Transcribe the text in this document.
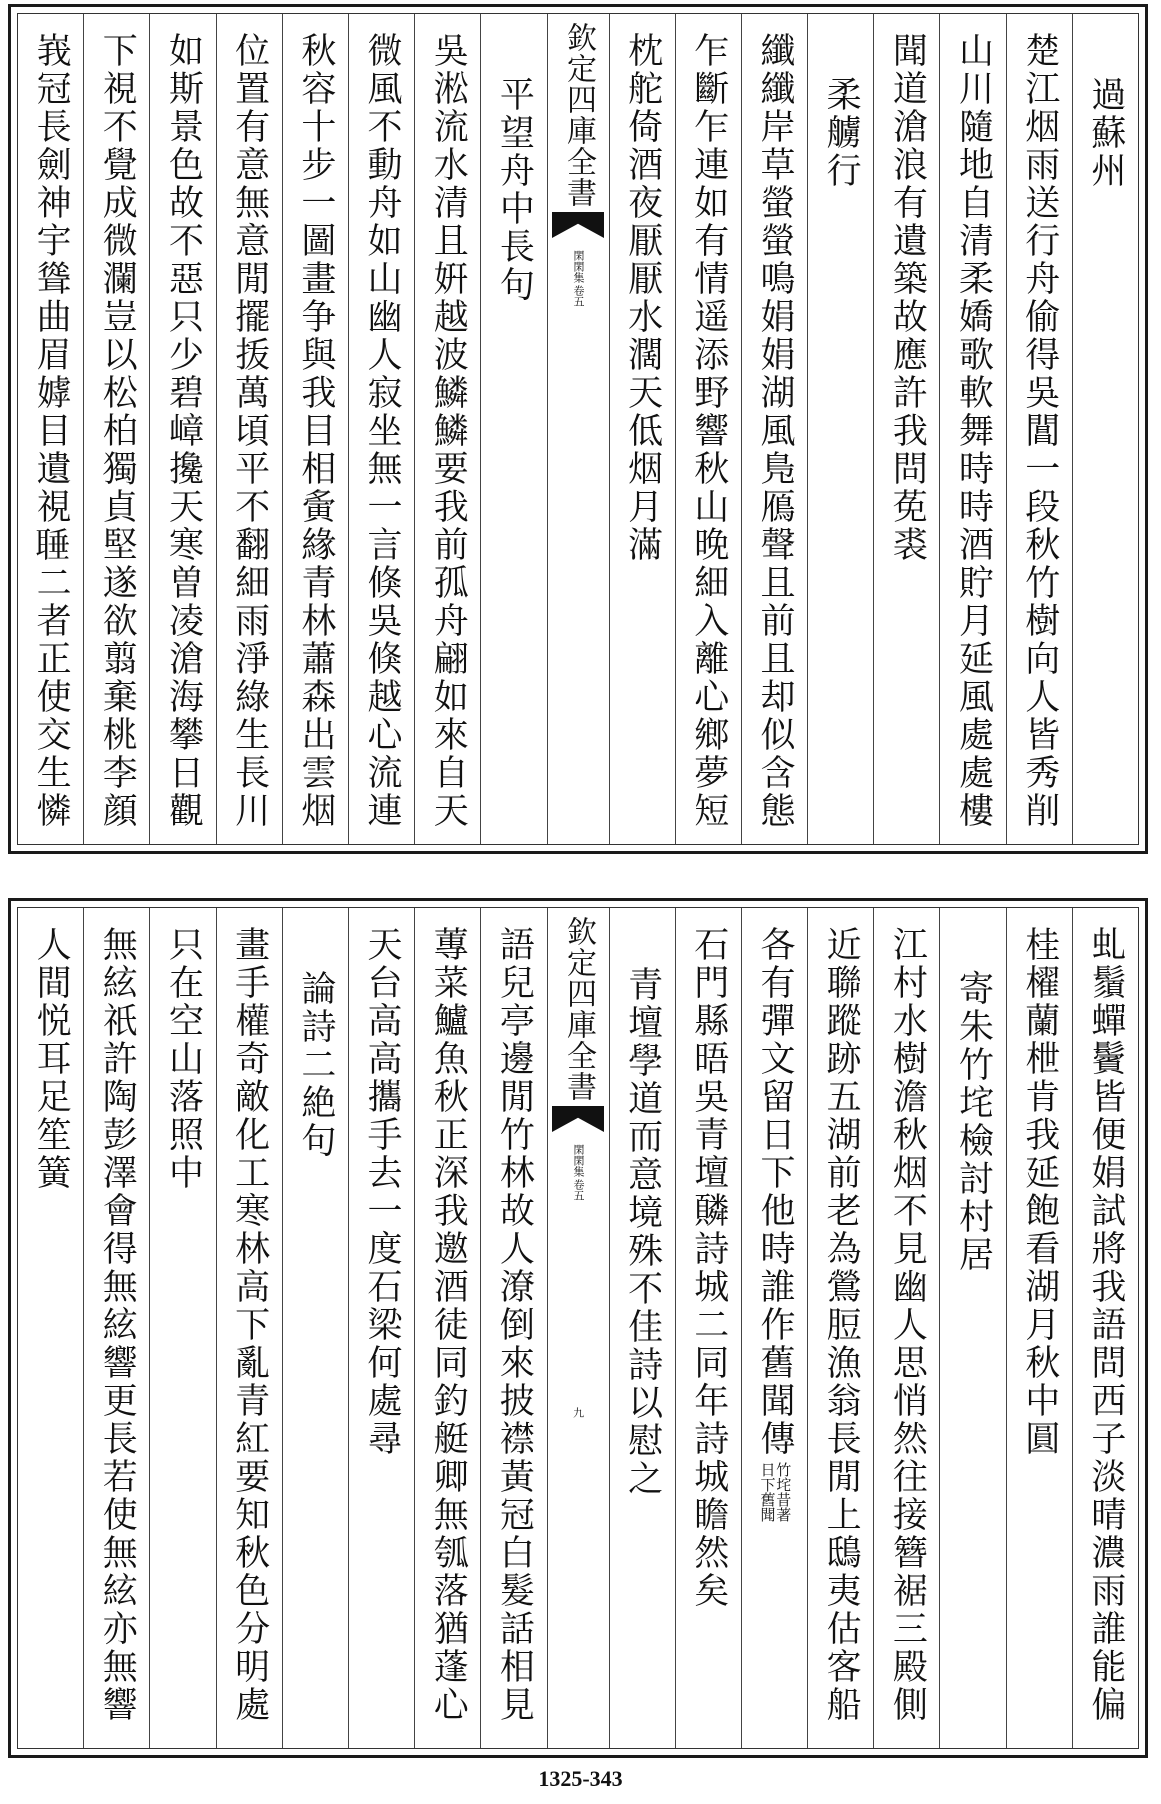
過蘇州
楚江烟雨送行舟偷得吳閶一段秋竹樹向人皆秀削
山川隨地自清柔嬌歌軟舞時時酒貯月延風處處樓
聞道滄浪有遺築故應許我問莬裘
柔艣行
纖纖岸草螢螢鳴娟娟湖風鳬鴈聲且前且却似含態
乍斷乍連如有情遥添野響秋山晚細入離心鄉夢短
枕舵倚酒夜厭厭水濶天低烟月滿
欽定四庫全書
閑閑集
卷五
平望舟中長句
吳淞流水清且姸越波鱗鱗要我前孤舟翩如來自天
微風不動舟如山幽人寂坐無一言倏吳倏越心流連
秋容十步一圖畫争與我目相夤緣青林蕭森出雲烟
位置有意無意閒擺㧞萬頃平不翻細雨淨綠生長川
如斯景色故不惡只少碧嶂攙天寒曽凌滄海攀日觀
下視不覺成微瀾豈以松柏獨貞堅遂欲翦棄桃李顔
峩冠長劍神宇聳曲眉嫭目遺視𦖋二者正使交生憐
虬鬚蟬鬢皆便娟試將我語問西子淡晴濃雨誰能偏
桂櫂蘭枻肯我延飽看湖月秋中圓
寄朱竹垞檢討村居
江村水樹澹秋烟不見幽人思悄然往接簪裾三殿側
近聯蹤跡五湖前老為鶯脰漁翁長閒上鴟夷估客船
各有彈文留日下他時誰作舊聞傳
竹垞昔著
日下舊聞
石門縣晤吳青壇䫰詩城二同年詩城瞻然矣
青壇學道而意境殊不佳詩以慰之
欽定四庫全書
閑閑集
卷五
九
語兒亭邊閒竹林故人潦倒來披襟黃冠白髮話相見
蓴菜鱸魚秋正深我邀酒徒同釣艇卿無瓠落猶蓬心
天台高高攜手去一度石梁何處尋
論詩二絶句
畫手權奇敵化工寒林高下亂青紅要知秋色分明處
只在空山落照中
無絃祇許陶彭澤會得無絃響更長若使無絃亦無響
人間悦耳足笙簧
1325-343
